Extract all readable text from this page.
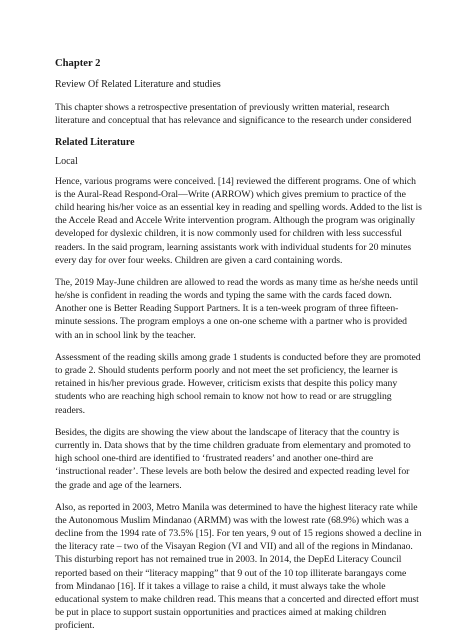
Chapter 2
Review Of Related Literature and studies

This chapter shows a retrospective presentation of previously written material, research literature and conceptual that has relevance and significance to the research under considered

Related Literature
Local

Hence, various programs were conceived. [14] reviewed the different programs. One of which is the Aural-Read Respond-Oral—Write (ARROW) which gives premium to practice of the child hearing his/her voice as an essential key in reading and spelling words. Added to the list is the Accele Read and Accele Write intervention program. Although the program was originally developed for dyslexic children, it is now commonly used for children with less successful readers. In the said program, learning assistants work with individual students for 20 minutes every day for over four weeks. Children are given a card containing words.

The, 2019 May-June children are allowed to read the words as many time as he/she needs until he/she is confident in reading the words and typing the same with the cards faced down. Another one is Better Reading Support Partners. It is a ten-week program of three fifteen-minute sessions. The program employs a one on-one scheme with a partner who is provided with an in school link by the teacher.

Assessment of the reading skills among grade 1 students is conducted before they are promoted to grade 2. Should students perform poorly and not meet the set proficiency, the learner is retained in his/her previous grade. However, criticism exists that despite this policy many students who are reaching high school remain to know not how to read or are struggling readers.

Besides, the digits are showing the view about the landscape of literacy that the country is currently in. Data shows that by the time children graduate from elementary and promoted to high school one-third are identified to ‘frustrated readers’ and another one-third are ‘instructional reader’. These levels are both below the desired and expected reading level for the grade and age of the learners.

Also, as reported in 2003, Metro Manila was determined to have the highest literacy rate while the Autonomous Muslim Mindanao (ARMM) was with the lowest rate (68.9%) which was a decline from the 1994 rate of 73.5% [15]. For ten years, 9 out of 15 regions showed a decline in the literacy rate – two of the Visayan Region (VI and VII) and all of the regions in Mindanao. This disturbing report has not remained true in 2003. In 2014, the DepEd Literacy Council reported based on their “literacy mapping” that 9 out of the 10 top illiterate barangays come from Mindanao [16]. If it takes a village to raise a child, it must always take the whole educational system to make children read. This means that a concerted and directed effort must be put in place to support sustain opportunities and practices aimed at making children proficient.
